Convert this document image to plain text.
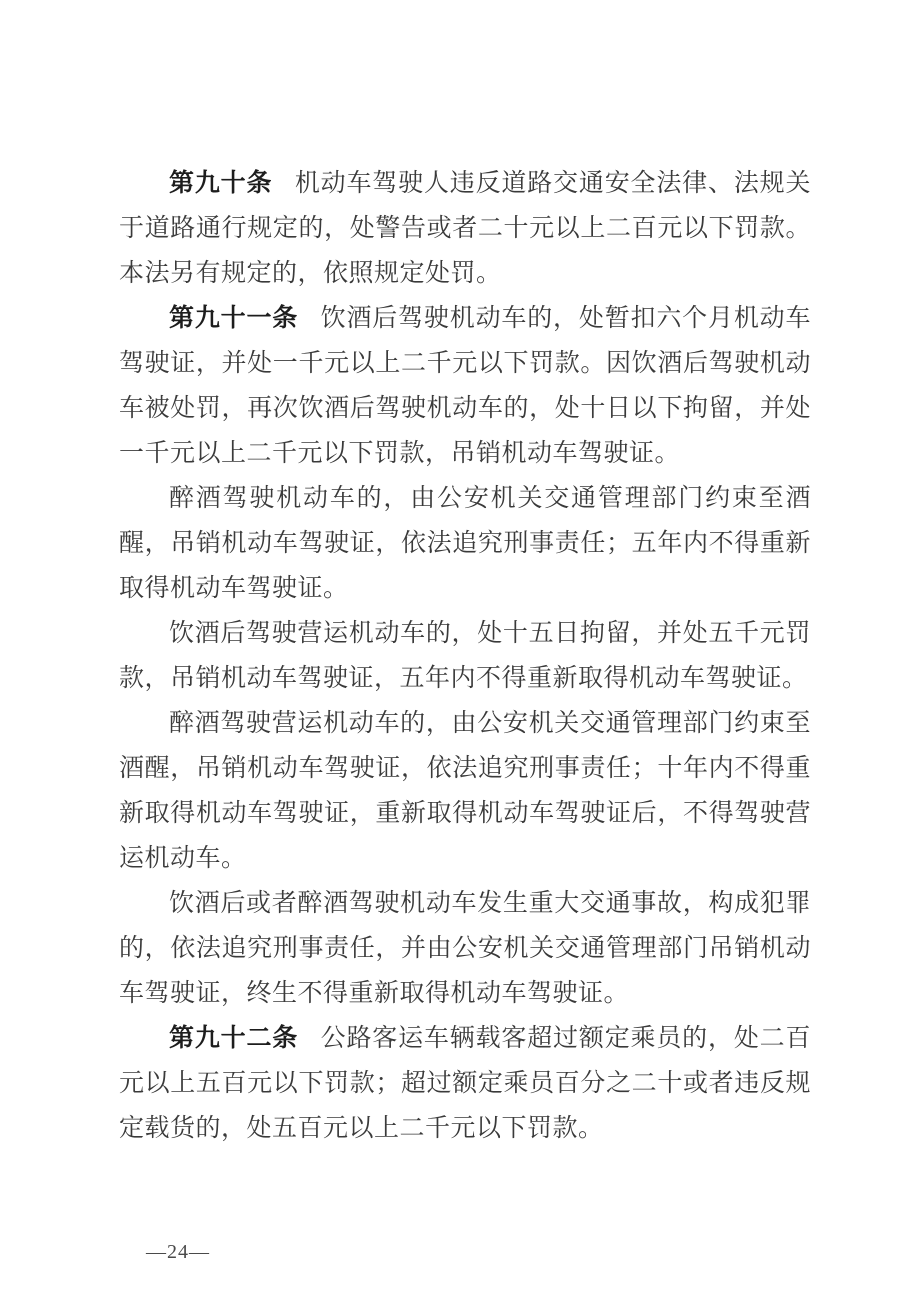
第九十条 机动车驾驶人违反道路交通安全法律、法规关于道路通行规定的，处警告或者二十元以上二百元以下罚款。本法另有规定的，依照规定处罚。

第九十一条 饮酒后驾驶机动车的，处暂扣六个月机动车驾驶证，并处一千元以上二千元以下罚款。因饮酒后驾驶机动车被处罚，再次饮酒后驾驶机动车的，处十日以下拘留，并处一千元以上二千元以下罚款，吊销机动车驾驶证。

醉酒驾驶机动车的，由公安机关交通管理部门约束至酒醒，吊销机动车驾驶证，依法追究刑事责任；五年内不得重新取得机动车驾驶证。

饮酒后驾驶营运机动车的，处十五日拘留，并处五千元罚款，吊销机动车驾驶证，五年内不得重新取得机动车驾驶证。

醉酒驾驶营运机动车的，由公安机关交通管理部门约束至酒醒，吊销机动车驾驶证，依法追究刑事责任；十年内不得重新取得机动车驾驶证，重新取得机动车驾驶证后，不得驾驶营运机动车。

饮酒后或者醉酒驾驶机动车发生重大交通事故，构成犯罪的，依法追究刑事责任，并由公安机关交通管理部门吊销机动车驾驶证，终生不得重新取得机动车驾驶证。

第九十二条 公路客运车辆载客超过额定乘员的，处二百元以上五百元以下罚款；超过额定乘员百分之二十或者违反规定载货的，处五百元以上二千元以下罚款。

—24—
